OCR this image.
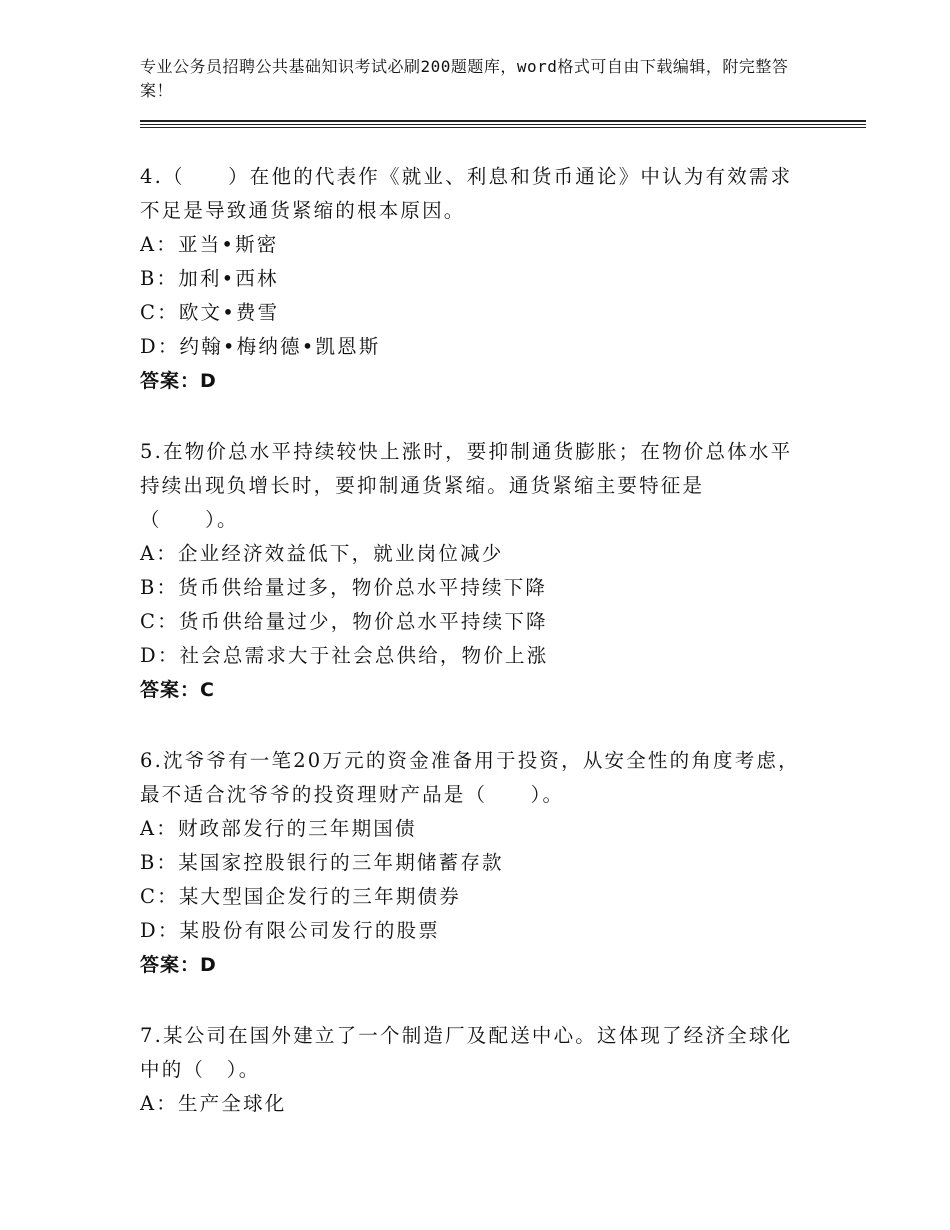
专业公务员招聘公共基础知识考试必刷200题题库，word格式可自由下载编辑，附完整答案！
4.（　　）在他的代表作《就业、利息和货币通论》中认为有效需求
不足是导致通货紧缩的根本原因。
A：亚当•斯密
B：加利•西林
C：欧文•费雪
D：约翰•梅纳德•凯恩斯
答案：D
5.在物价总水平持续较快上涨时，要抑制通货膨胀；在物价总体水平
持续出现负增长时，要抑制通货紧缩。通货紧缩主要特征是
（　　）。
A：企业经济效益低下，就业岗位减少
B：货币供给量过多，物价总水平持续下降
C：货币供给量过少，物价总水平持续下降
D：社会总需求大于社会总供给，物价上涨
答案：C
6.沈爷爷有一笔20万元的资金准备用于投资，从安全性的角度考虑，
最不适合沈爷爷的投资理财产品是（　　）。
A：财政部发行的三年期国债
B：某国家控股银行的三年期储蓄存款
C：某大型国企发行的三年期债券
D：某股份有限公司发行的股票
答案：D
7.某公司在国外建立了一个制造厂及配送中心。这体现了经济全球化
中的（　）。
A：生产全球化
